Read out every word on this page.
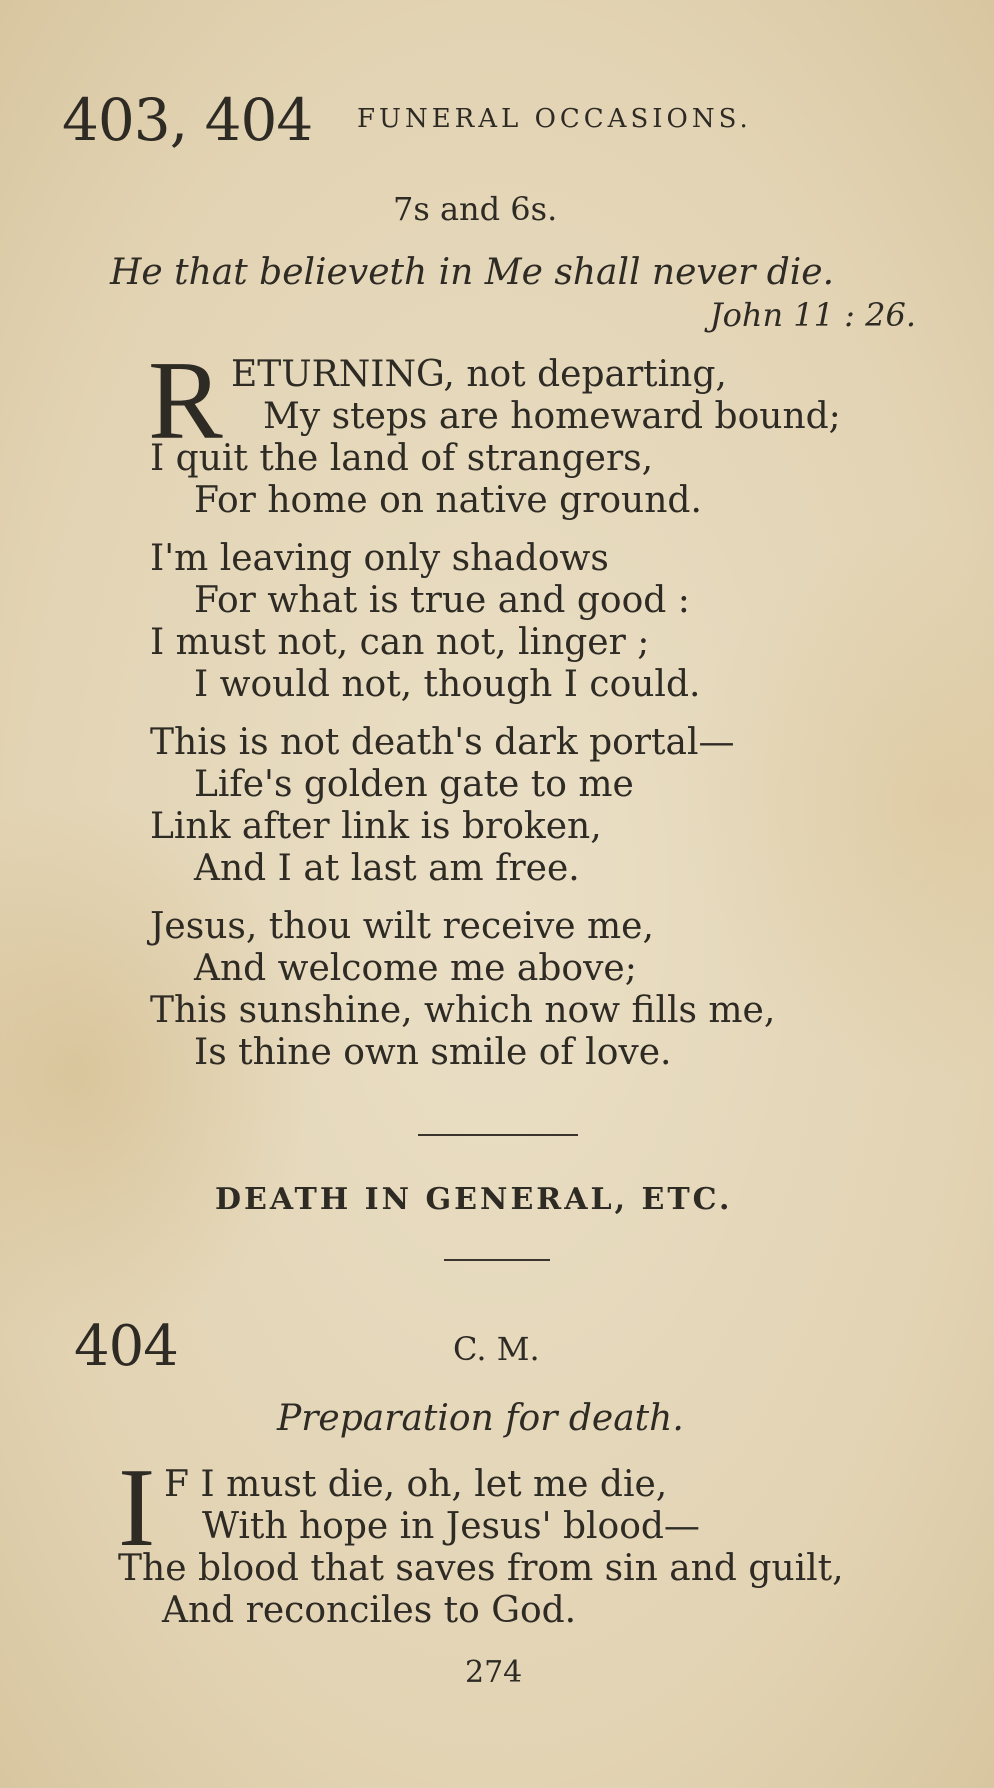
403, 404 FUNERAL OCCASIONS.
7s and 6s.
He that believeth in Me shall never die.
John 11 : 26.
R ETURNING, not departing,
My steps are homeward bound;
I quit the land of strangers,
For home on native ground.
I'm leaving only shadows
For what is true and good :
I must not, can not, linger ;
I would not, though I could.
This is not death's dark portal—
Life's golden gate to me
Link after link is broken,
And I at last am free.
Jesus, thou wilt receive me,
And welcome me above;
This sunshine, which now fills me,
Is thine own smile of love.
DEATH IN GENERAL, ETC.
404	C. M.
Preparation for death.
I F I must die, oh, let me die,
With hope in Jesus' blood—
The blood that saves from sin and guilt,
And reconciles to God.
274
